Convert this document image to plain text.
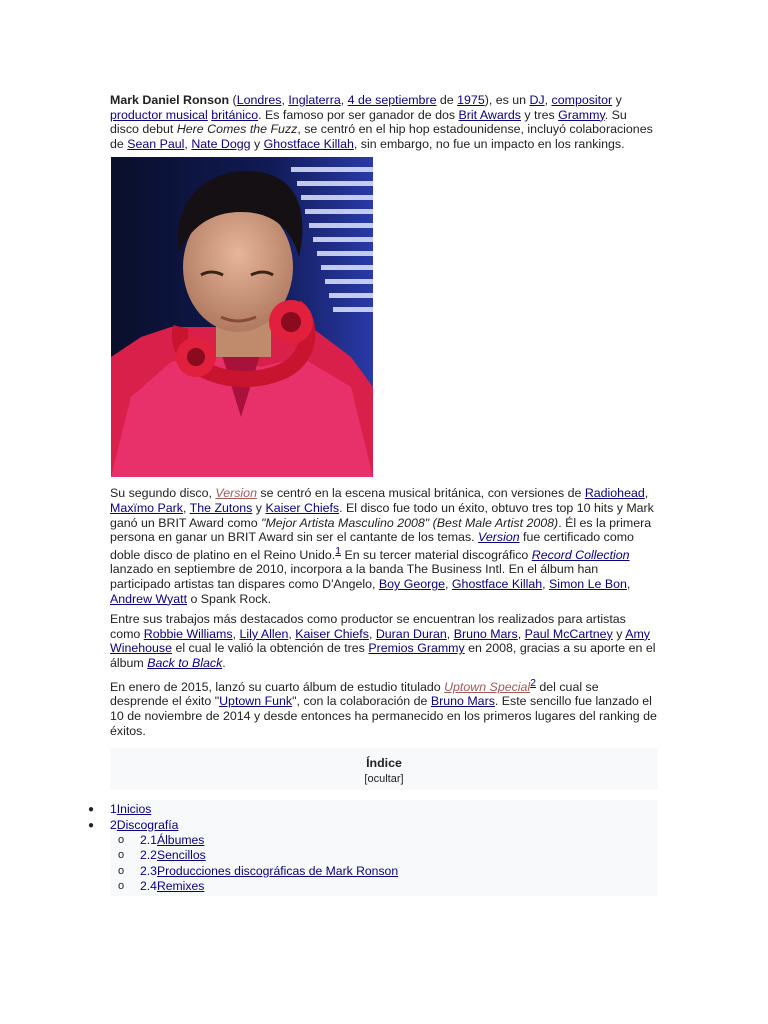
Mark Daniel Ronson (Londres, Inglaterra, 4 de septiembre de 1975), es un DJ, compositor y productor musical británico. Es famoso por ser ganador de dos Brit Awards y tres Grammy. Su disco debut Here Comes the Fuzz, se centró en el hip hop estadounidense, incluyó colaboraciones de Sean Paul, Nate Dogg y Ghostface Killah, sin embargo, no fue un impacto en los rankings.

Su segundo disco, Version se centró en la escena musical británica, con versiones de Radiohead, Maxïmo Park, The Zutons y Kaiser Chiefs. El disco fue todo un éxito, obtuvo tres top 10 hits y Mark ganó un BRIT Award como "Mejor Artista Masculino 2008" (Best Male Artist 2008). Él es la primera persona en ganar un BRIT Award sin ser el cantante de los temas. Version fue certificado como doble disco de platino en el Reino Unido.$^1$ En su tercer material discográfico Record Collection lanzado en septiembre de 2010, incorpora a la banda The Business Intl. En el álbum han participado artistas tan dispares como D'Angelo, Boy George, Ghostface Killah, Simon Le Bon, Andrew Wyatt o Spank Rock.

Entre sus trabajos más destacados como productor se encuentran los realizados para artistas como Robbie Williams, Lily Allen, Kaiser Chiefs, Duran Duran, Bruno Mars, Paul McCartney y Amy Winehouse el cual le valió la obtención de tres Premios Grammy en 2008, gracias a su aporte en el álbum Back to Black.

En enero de 2015, lanzó su cuarto álbum de estudio titulado Uptown Special$^2$ del cual se desprende el éxito "Uptown Funk", con la colaboración de Bruno Mars. Este sencillo fue lanzado el 10 de noviembre de 2014 y desde entonces ha permanecido en los primeros lugares del ranking de éxitos.

Índice
[ocultar]
● 1Inicios
● 2Discografía
o 2.1Álbumes
o 2.2Sencillos
o 2.3Producciones discográficas de Mark Ronson
o 2.4Remixes
